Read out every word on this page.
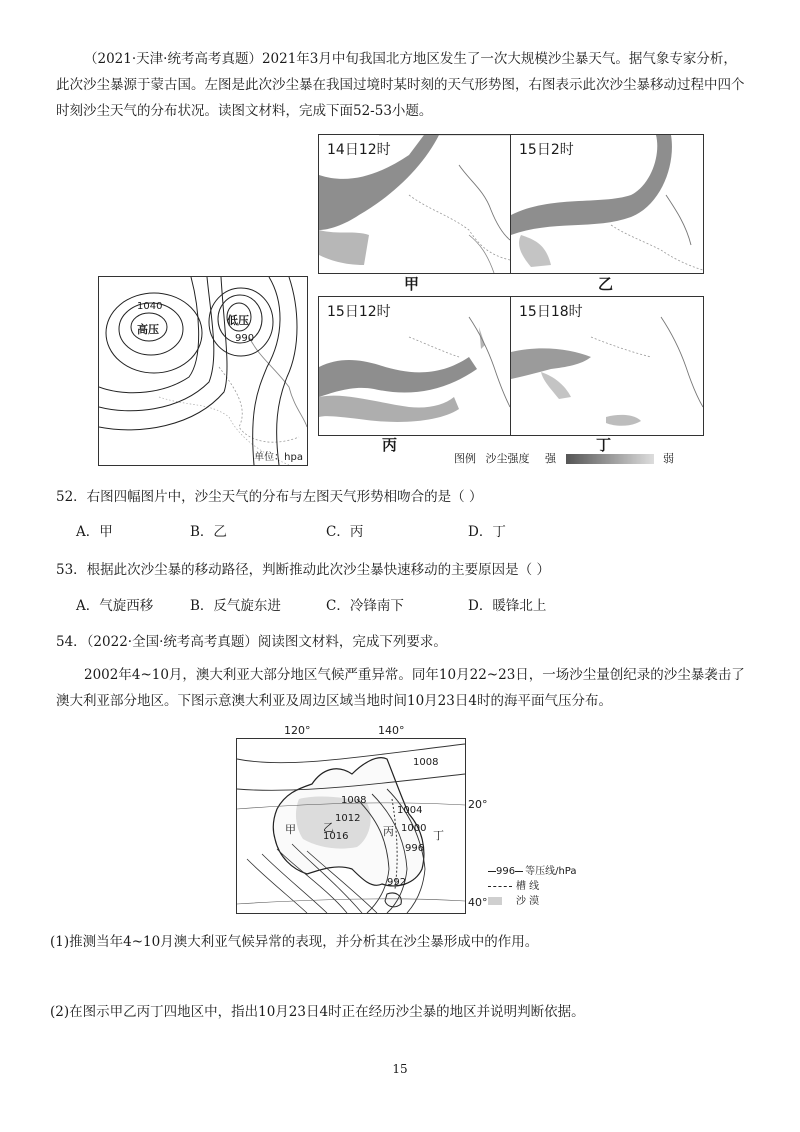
（2021·天津·统考高考真题）2021年3月中旬我国北方地区发生了一次大规模沙尘暴天气。据气象专家分析，此次沙尘暴源于蒙古国。左图是此次沙尘暴在我国过境时某时刻的天气形势图，右图表示此次沙尘暴移动过程中四个时刻沙尘天气的分布状况。读图文材料，完成下面52-53小题。

1040
高压
低压
990
单位：hpa
14日12时
甲
15日2时
乙
15日12时
丙
15日18时
丁
图例 沙尘强度 强	弱
52．右图四幅图片中，沙尘天气的分布与左图天气形势相吻合的是（ ）
A．甲	B．乙	C．丙	D．丁
53．根据此次沙尘暴的移动路径，判断推动此次沙尘暴快速移动的主要原因是（ ）
A．气旋西移	B．反气旋东进	C．冷锋南下	D．暖锋北上
54．（2022·全国·统考高考真题）阅读图文材料，完成下列要求。

2002年4~10月，澳大利亚大部分地区气候严重异常。同年10月22~23日，一场沙尘量创纪录的沙尘暴袭击了澳大利亚部分地区。下图示意澳大利亚及周边区域当地时间10月23日4时的海平面气压分布。

120°	140°
1008
1008
1004
1000
996
992
1012
1016
甲 乙	丙	丁
20°
40°
996 等压线/hPa
槽 线
沙 漠
(1)推测当年4~10月澳大利亚气候异常的表现，并分析其在沙尘暴形成中的作用。
(2)在图示甲乙丙丁四地区中，指出10月23日4时正在经历沙尘暴的地区并说明判断依据。
15
